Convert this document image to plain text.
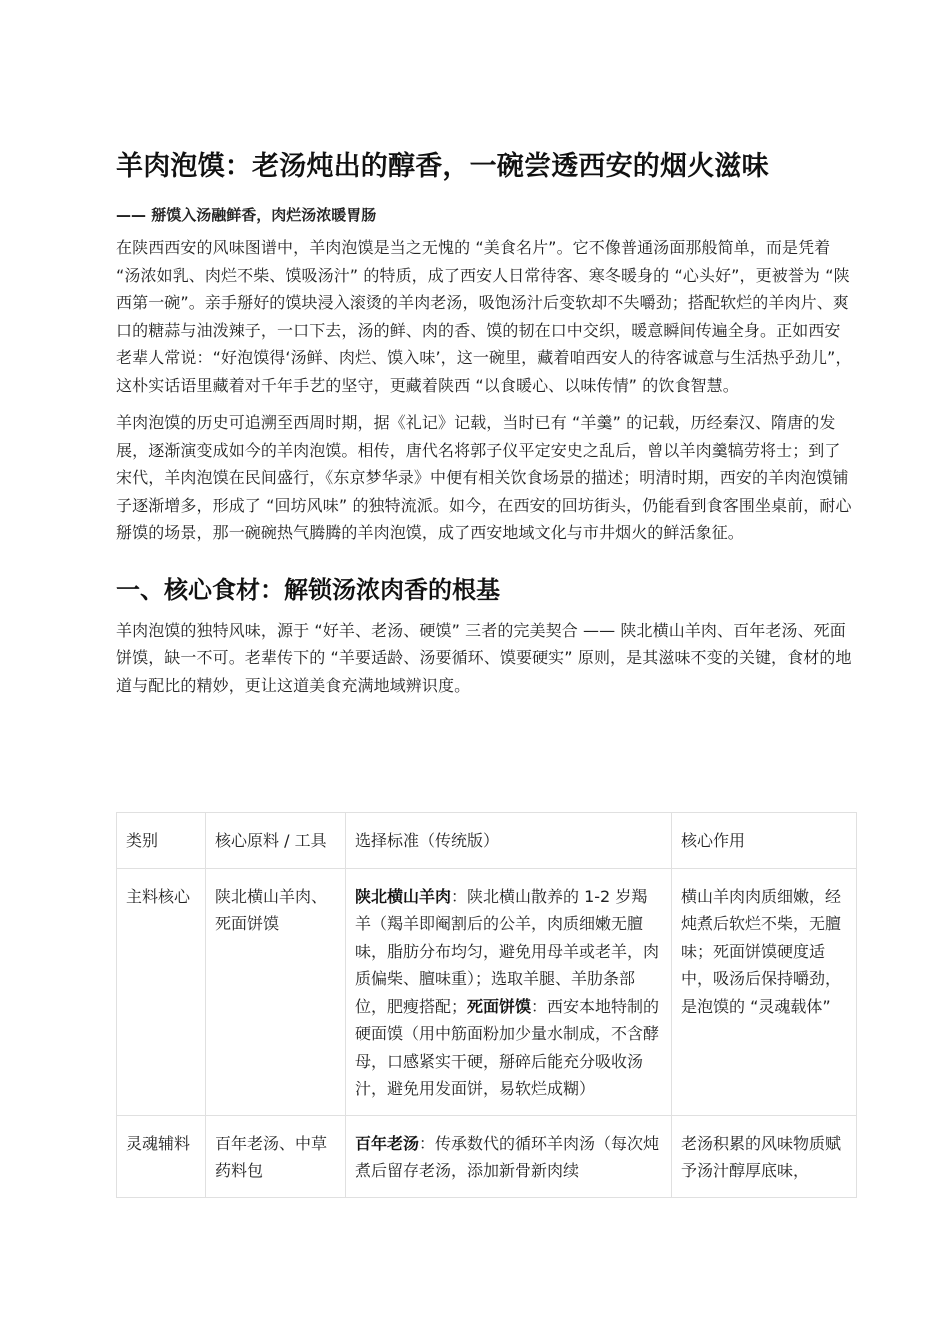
羊肉泡馍：老汤炖出的醇香，一碗尝透西安的烟火滋味
—— 掰馍入汤融鲜香，肉烂汤浓暖胃肠

在陕西西安的风味图谱中，羊肉泡馍是当之无愧的 “美食名片”。它不像普通汤面那般简单，而是凭着 “汤浓如乳、肉烂不柴、馍吸汤汁” 的特质，成了西安人日常待客、寒冬暖身的 “心头好”，更被誉为 “陕西第一碗”。亲手掰好的馍块浸入滚烫的羊肉老汤，吸饱汤汁后变软却不失嚼劲；搭配软烂的羊肉片、爽口的糖蒜与油泼辣子，一口下去，汤的鲜、肉的香、馍的韧在口中交织，暖意瞬间传遍全身。正如西安老辈人常说：“好泡馍得‘汤鲜、肉烂、馍入味’，这一碗里，藏着咱西安人的待客诚意与生活热乎劲儿”，这朴实话语里藏着对千年手艺的坚守，更藏着陕西 “以食暖心、以味传情” 的饮食智慧。

羊肉泡馍的历史可追溯至西周时期，据《礼记》记载，当时已有 “羊羹” 的记载，历经秦汉、隋唐的发展，逐渐演变成如今的羊肉泡馍。相传，唐代名将郭子仪平定安史之乱后，曾以羊肉羹犒劳将士；到了宋代，羊肉泡馍在民间盛行，《东京梦华录》中便有相关饮食场景的描述；明清时期，西安的羊肉泡馍铺子逐渐增多，形成了 “回坊风味” 的独特流派。如今，在西安的回坊街头，仍能看到食客围坐桌前，耐心掰馍的场景，那一碗碗热气腾腾的羊肉泡馍，成了西安地域文化与市井烟火的鲜活象征。

一、核心食材：解锁汤浓肉香的根基

羊肉泡馍的独特风味，源于 “好羊、老汤、硬馍” 三者的完美契合 —— 陕北横山羊肉、百年老汤、死面饼馍，缺一不可。老辈传下的 “羊要适龄、汤要循环、馍要硬实” 原则，是其滋味不变的关键，食材的地道与配比的精妙，更让这道美食充满地域辨识度。

类别	核心原料 / 工具	选择标准（传统版）	核心作用
主料核心	陕北横山羊肉、死面饼馍	陕北横山羊肉：陕北横山散养的 1-2 岁羯羊（羯羊即阉割后的公羊，肉质细嫩无膻味，脂肪分布均匀，避免用母羊或老羊，肉质偏柴、膻味重）；选取羊腿、羊肋条部位，肥瘦搭配；死面饼馍：西安本地特制的硬面馍（用中筋面粉加少量水制成，不含酵母，口感紧实干硬，掰碎后能充分吸收汤汁，避免用发面饼，易软烂成糊）	横山羊肉肉质细嫩，经炖煮后软烂不柴，无膻味；死面饼馍硬度适中，吸汤后保持嚼劲，是泡馍的 “灵魂载体”
灵魂辅料	百年老汤、中草药料包	百年老汤：传承数代的循环羊肉汤（每次炖煮后留存老汤，添加新骨新肉续	老汤积累的风味物质赋予汤汁醇厚底味，
